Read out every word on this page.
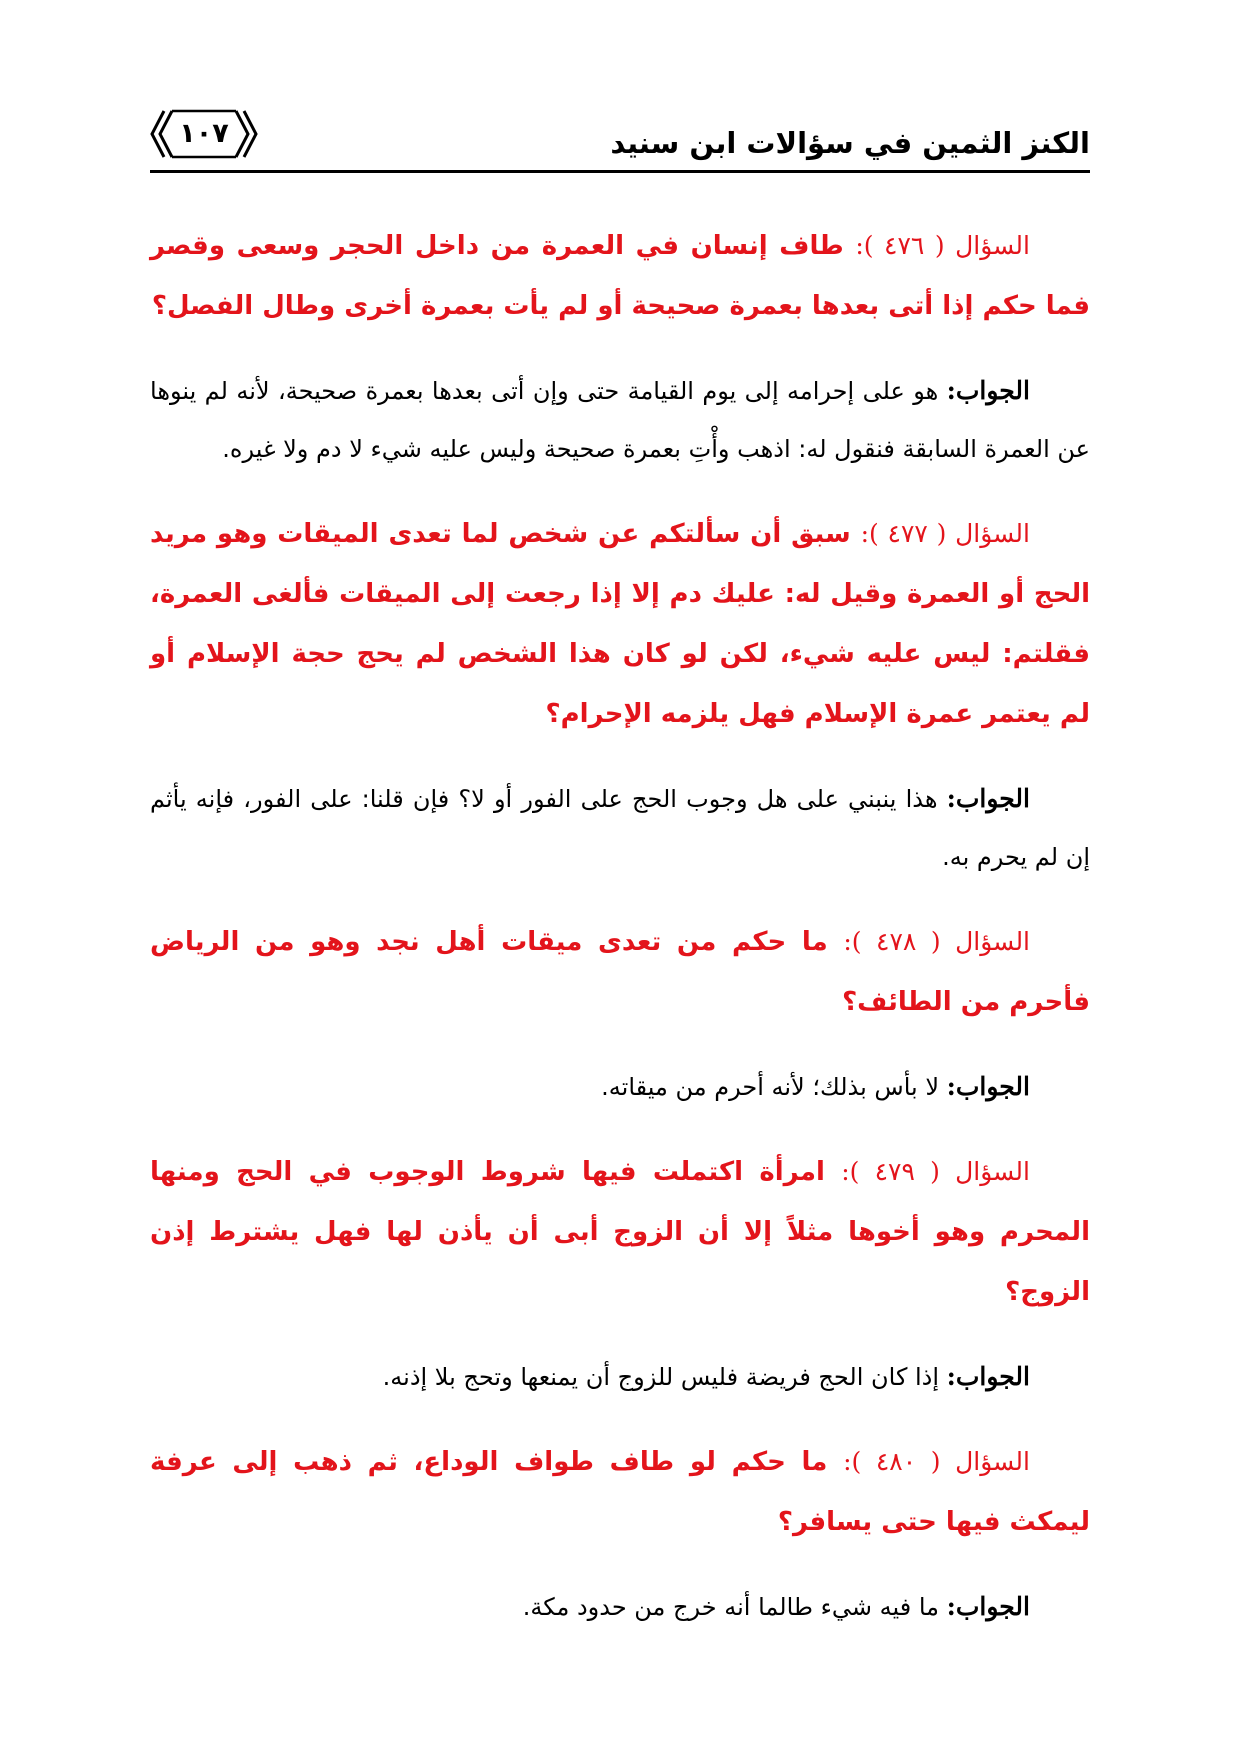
الكنز الثمين في سؤالات ابن سنيد
١٠٧

السؤال ( ٤٧٦ ): طاف إنسان في العمرة من داخل الحجر وسعى وقصر فما حكم إذا أتى بعدها بعمرة صحيحة أو لم يأت بعمرة أخرى وطال الفصل؟

الجواب: هو على إحرامه إلى يوم القيامة حتى وإن أتى بعدها بعمرة صحيحة، لأنه لم ينوها عن العمرة السابقة فنقول له: اذهب وأْتِ بعمرة صحيحة وليس عليه شيء لا دم ولا غيره.

السؤال ( ٤٧٧ ): سبق أن سألتكم عن شخص لما تعدى الميقات وهو مريد الحج أو العمرة وقيل له: عليك دم إلا إذا رجعت إلى الميقات فألغى العمرة، فقلتم: ليس عليه شيء، لكن لو كان هذا الشخص لم يحج حجة الإسلام أو لم يعتمر عمرة الإسلام فهل يلزمه الإحرام؟

الجواب: هذا ينبني على هل وجوب الحج على الفور أو لا؟ فإن قلنا: على الفور، فإنه يأثم إن لم يحرم به.

السؤال ( ٤٧٨ ): ما حكم من تعدى ميقات أهل نجد وهو من الرياض فأحرم من الطائف؟

الجواب: لا بأس بذلك؛ لأنه أحرم من ميقاته.

السؤال ( ٤٧٩ ): امرأة اكتملت فيها شروط الوجوب في الحج ومنها المحرم وهو أخوها مثلاً إلا أن الزوج أبى أن يأذن لها فهل يشترط إذن الزوج؟

الجواب: إذا كان الحج فريضة فليس للزوج أن يمنعها وتحج بلا إذنه.

السؤال ( ٤٨٠ ): ما حكم لو طاف طواف الوداع، ثم ذهب إلى عرفة ليمكث فيها حتى يسافر؟

الجواب: ما فيه شيء طالما أنه خرج من حدود مكة.
